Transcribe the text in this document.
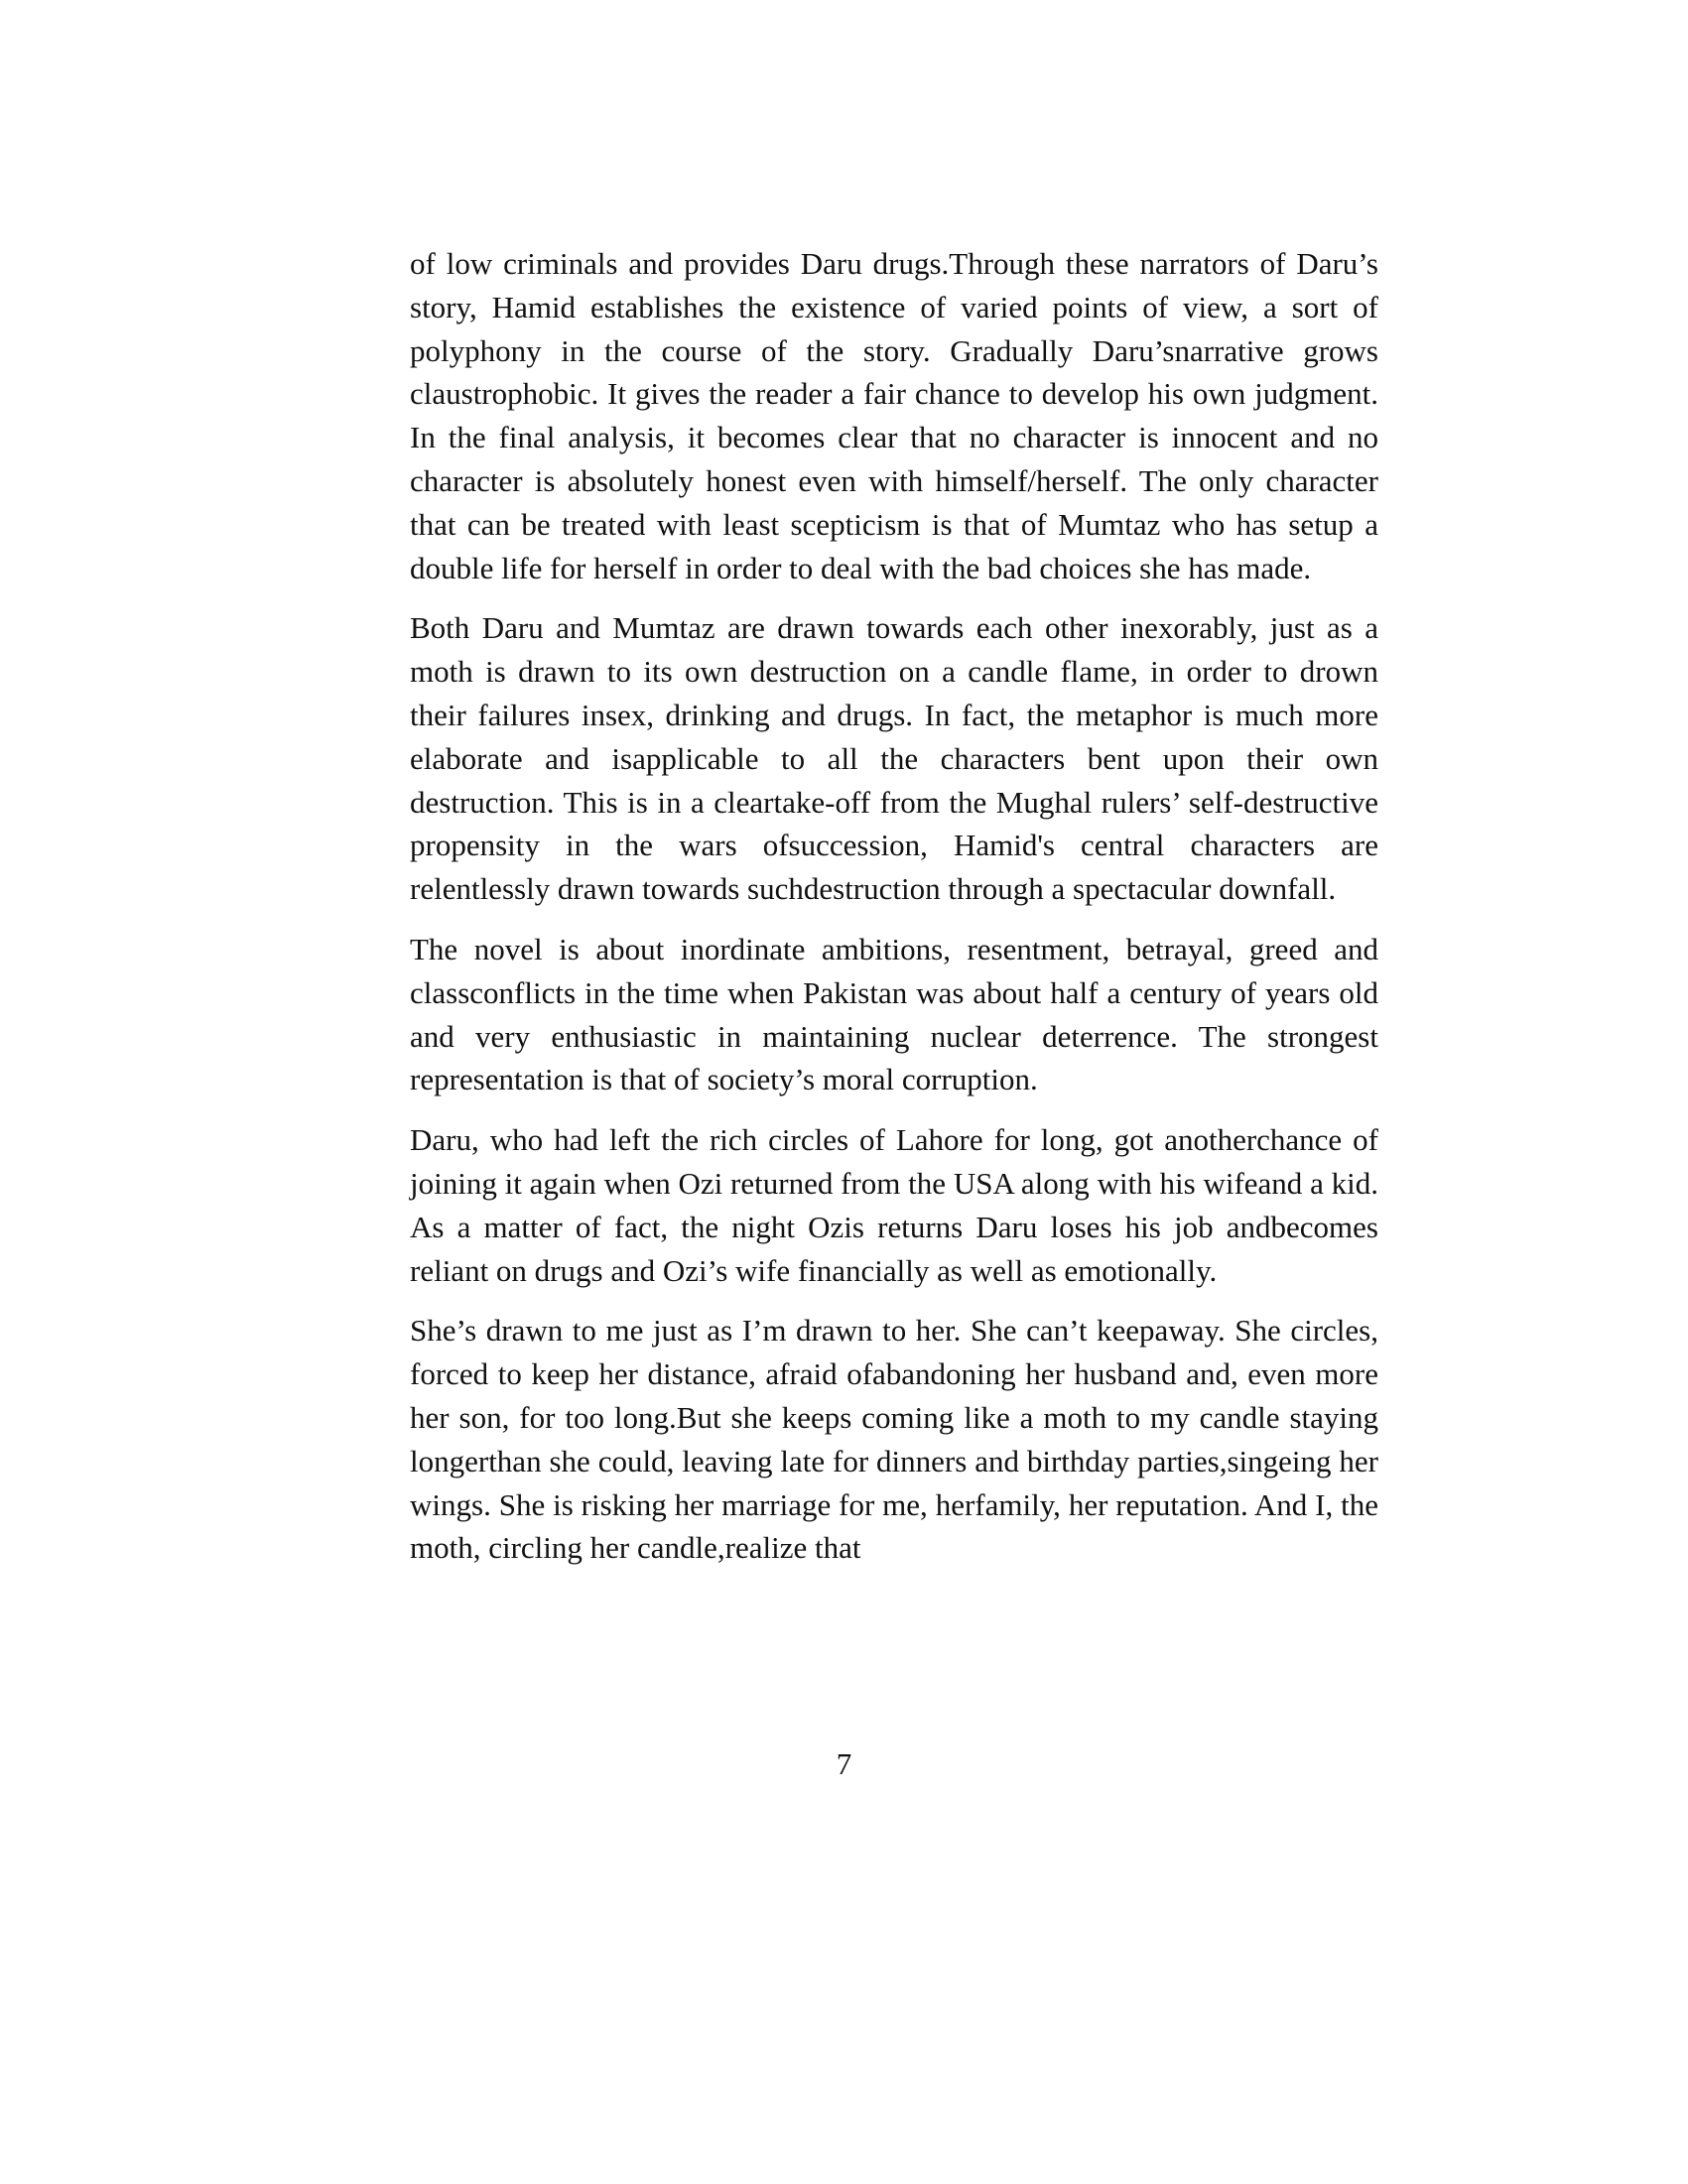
of low criminals and provides Daru drugs.Through these narrators of Daru’s story, Hamid establishes the existence of varied points of view, a sort of polyphony in the course of the story. Gradually Daru’snarrative grows claustrophobic. It gives the reader a fair chance to develop his own judgment. In the final analysis, it becomes clear that no character is innocent and no character is absolutely honest even with himself/herself. The only character that can be treated with least scepticism is that of Mumtaz who has setup a double life for herself in order to deal with the bad choices she has made.

Both Daru and Mumtaz are drawn towards each other inexorably, just as a moth is drawn to its own destruction on a candle flame, in order to drown their failures insex, drinking and drugs. In fact, the metaphor is much more elaborate and isapplicable to all the characters bent upon their own destruction. This is in a cleartake-off from the Mughal rulers’ self-destructive propensity in the wars ofsuccession, Hamid's central characters are relentlessly drawn towards suchdestruction through a spectacular downfall.

The novel is about inordinate ambitions, resentment, betrayal, greed and classconflicts in the time when Pakistan was about half a century of years old and very enthusiastic in maintaining nuclear deterrence. The strongest representation is that of society’s moral corruption.

Daru, who had left the rich circles of Lahore for long, got anotherchance of joining it again when Ozi returned from the USA along with his wifeand a kid. As a matter of fact, the night Ozis returns Daru loses his job andbecomes reliant on drugs and Ozi’s wife financially as well as emotionally.

She’s drawn to me just as I’m drawn to her. She can’t keepaway. She circles, forced to keep her distance, afraid ofabandoning her husband and, even more her son, for too long.But she keeps coming like a moth to my candle staying longerthan she could, leaving late for dinners and birthday parties,singeing her wings. She is risking her marriage for me, herfamily, her reputation. And I, the moth, circling her candle,realize that

7
